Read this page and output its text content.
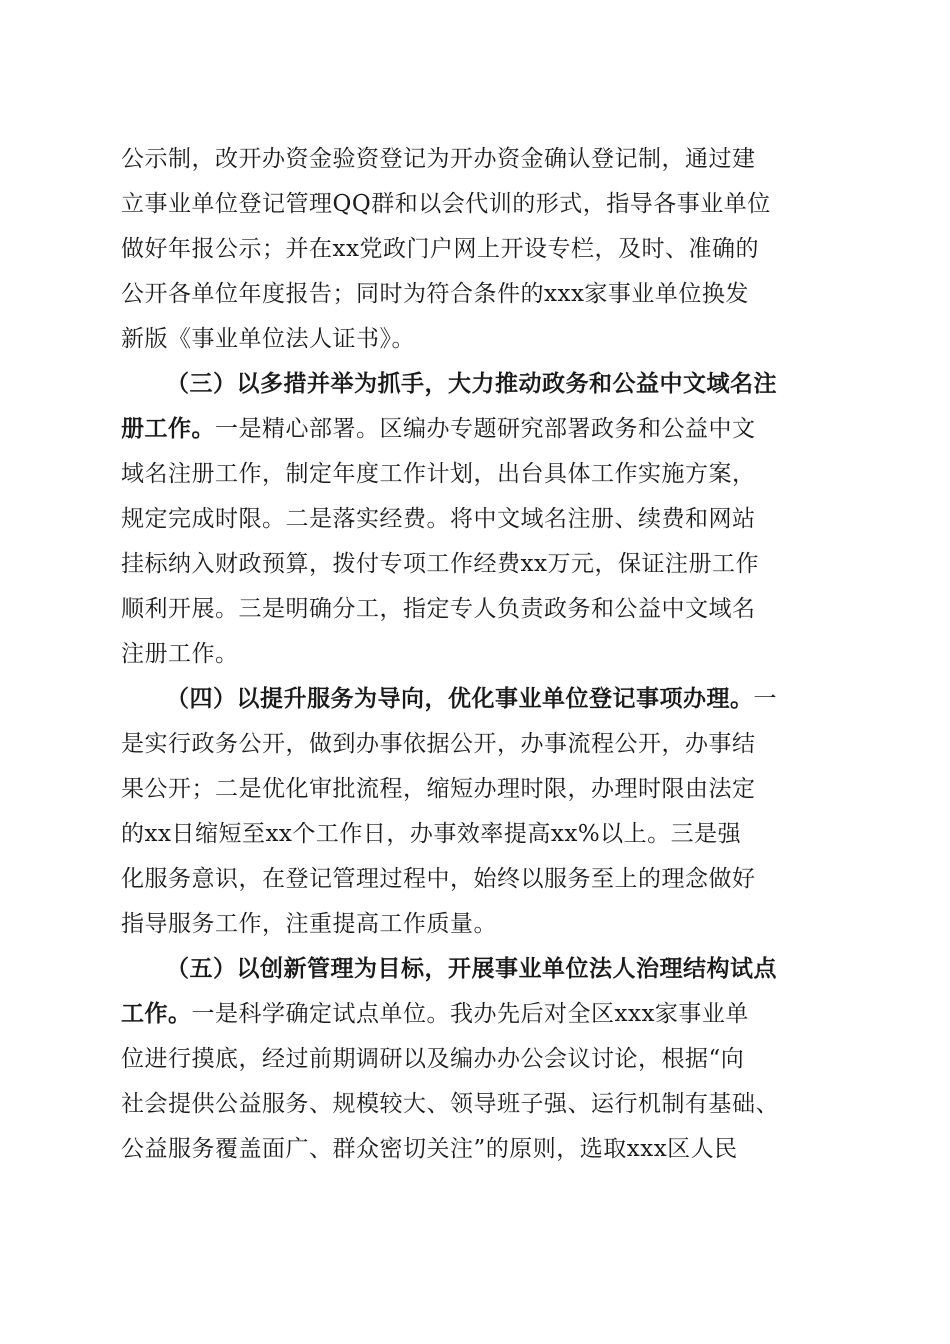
公示制，改开办资金验资登记为开办资金确认登记制，通过建
立事业单位登记管理QQ群和以会代训的形式，指导各事业单位
做好年报公示；并在xx党政门户网上开设专栏，及时、准确的
公开各单位年度报告；同时为符合条件的xxx家事业单位换发
新版《事业单位法人证书》。
（三）以多措并举为抓手，大力推动政务和公益中文域名注
册工作。一是精心部署。区编办专题研究部署政务和公益中文
域名注册工作，制定年度工作计划，出台具体工作实施方案，
规定完成时限。二是落实经费。将中文域名注册、续费和网站
挂标纳入财政预算，拨付专项工作经费xx万元，保证注册工作
顺利开展。三是明确分工，指定专人负责政务和公益中文域名
注册工作。
（四）以提升服务为导向，优化事业单位登记事项办理。一
是实行政务公开，做到办事依据公开，办事流程公开，办事结
果公开；二是优化审批流程，缩短办理时限，办理时限由法定
的xx日缩短至xx个工作日，办事效率提高xx%以上。三是强
化服务意识，在登记管理过程中，始终以服务至上的理念做好
指导服务工作，注重提高工作质量。
（五）以创新管理为目标，开展事业单位法人治理结构试点
工作。一是科学确定试点单位。我办先后对全区xxx家事业单
位进行摸底，经过前期调研以及编办办公会议讨论，根据“向
社会提供公益服务、规模较大、领导班子强、运行机制有基础、
公益服务覆盖面广、群众密切关注”的原则，选取xxx区人民
